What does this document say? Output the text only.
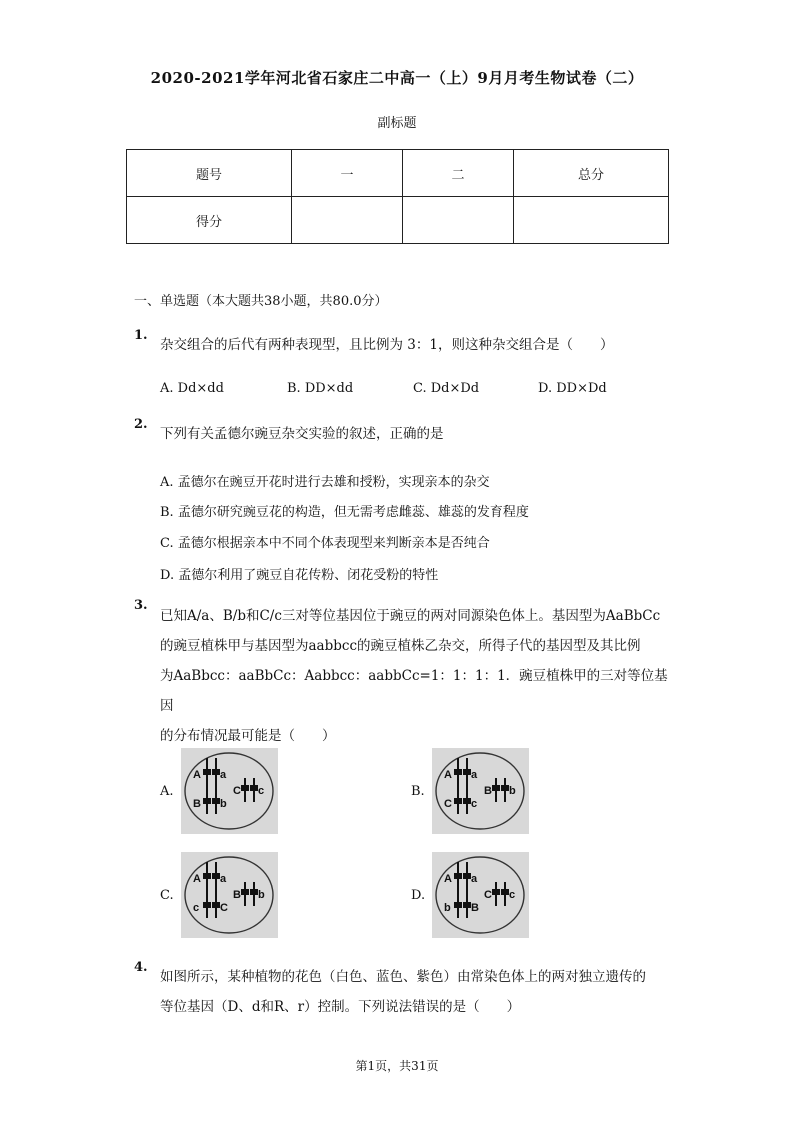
2020-2021学年河北省石家庄二中高一（上）9月月考生物试卷（二）
副标题
题号	一	二	总分
得分			
一、单选题（本大题共38小题，共80.0分）
1.
杂交组合的后代有两种表现型，且比例为 3：1，则这种杂交组合是（　　）
A. Dd×dd	B. DD×dd	C. Dd×Dd	D. DD×Dd
2.
下列有关孟德尔豌豆杂交实验的叙述，正确的是
A. 孟德尔在豌豆开花时进行去雄和授粉，实现亲本的杂交
B. 孟德尔研究豌豆花的构造，但无需考虑雌蕊、雄蕊的发育程度
C. 孟德尔根据亲本中不同个体表现型来判断亲本是否纯合
D. 孟德尔利用了豌豆自花传粉、闭花受粉的特性
3.
已知A/a、B/b和C/c三对等位基因位于豌豆的两对同源染色体上。基因型为AaBbCc
的豌豆植株甲与基因型为aabbcc的豌豆植株乙杂交，所得子代的基因型及其比例
为AaBbcc：aaBbCc：Aabbcc：aabbCc=1：1：1：1．豌豆植株甲的三对等位基因
的分布情况最可能是（　　）
A.
A a
B b
C c	B.
A a
C c
B b
C.
A a
c C
B b	D.
A a
b B
C c
4.
如图所示，某种植物的花色（白色、蓝色、紫色）由常染色体上的两对独立遗传的
等位基因（D、d和R、r）控制。下列说法错误的是（　　）
第1页，共31页
